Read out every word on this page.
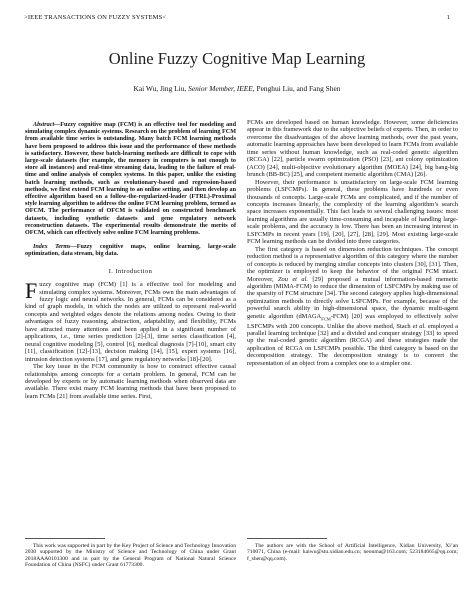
>IEEE TRANSACTIONS ON FUZZY SYSTEMS<	1
Online Fuzzy Cognitive Map Learning
Kai Wu, Jing Liu, Senior Member, IEEE, Penghui Liu, and Fang Shen

Abstract—Fuzzy cognitive map (FCM) is an effective tool for modeling and simulating complex dynamic systems. Research on the problem of learning FCM from available time series is outstanding. Many batch FCM learning methods have been proposed to address this issue and the performance of these methods is satisfactory. However, these batch-learning methods are difficult to cope with large-scale datasets (for example, the memory in computers is not enough to store all instances) and real-time streaming data, leading to the failure of real-time and online analysis of complex systems. In this paper, unlike the existing batch learning methods, such as evolutionary-based and regression-based methods, we first extend FCM learning to an online setting, and then develop an effective algorithm based on a follow-the-regularized-leader (FTRL)-Proximal style learning algorithm to address the online FCM learning problem, termed as OFCM. The performance of OFCM is validated on constructed benchmark datasets, including synthetic datasets and gene regulatory network reconstruction datasets. The experimental results demonstrate the merits of OFCM, which can effectively solve online FCM learning problems.

Index Terms—Fuzzy cognitive maps, online learning, large-scale optimization, data stream, big data.

I. Introduction

Fuzzy cognitive map (FCM) [1] is a effective tool for modeling and simulating complex systems. Moreover, FCMs own the main advantages of fuzzy logic and neural networks. In general, FCMs can be considered as a kind of graph models, in which the nodes are utilized to represent real-world concepts and weighted edges denote the relations among nodes. Owing to their advantages of fuzzy reasoning, abstraction, adaptability, and flexibility, FCMs have attracted many attentions and been applied in a significant number of applications, i.e., time series prediction [2]-[3], time series classification [4], neural cognitive modeling [5], control [6], medical diagnosis [7]-[10], smart city [11], classification [12]-[13], decision making [14], [15], expert systems [16], intrusion detection systems [17], and gene regulatory networks [18]-[20].

The key issue in the FCM community is how to construct effective causal relationships among concepts for a certain problem. In general, FCM can be developed by experts or by automatic learning methods when observed data are available. There exist many FCM learning methods that have been proposed to learn FCMs [21] from available time series. First,

FCMs are developed based on human knowledge. However, some deficiencies appear in this framework due to the subjective beliefs of experts. Then, in order to overcome the disadvantages of the above learning methods, over the past years, automatic learning approaches have been developed to learn FCMs from available time series without human knowledge, such as real-coded genetic algorithm (RCGA) [22], particle swarm optimization (PSO) [23], ant colony optimization (ACO) [24], multi-objective evolutionary algorithm (MOEA) [24], big bang-big brunch (BB-BC) [25], and competent memetic algorithm (CMA) [26].

However, their performance is unsatisfactory on large-scale FCM learning problems (LSFCMPs). In general, these problems have hundreds or even thousands of concepts. Large-scale FCMs are complicated, and if the number of concepts increases linearly, the complexity of the learning algorithm’s search space increases exponentially. This fact leads to several challenging issues: most learning algorithms are usually time-consuming and incapable of handling large-scale problems, and the accuracy is low. There has been an increasing interest in LSFCMPs in recent years [19], [20], [27], [28], [29]. Most existing large-scale FCM learning methods can be divided into three categories.

The first category is based on dimension reduction techniques. The concept reduction method is a representative algorithm of this category where the number of concepts is reduced by merging similar concepts into clusters [30], [31]. Then, the optimizer is employed to keep the behavior of the original FCM intact. Moreover, Zou et al. [29] proposed a mutual information-based memetic algorithm (MIMA-FCM) to reduce the dimension of LSFCMPs by making use of the sparsity of FCM structure [34]. The second category applies high-dimensional optimization methods to directly solve LSFCMPs. For example, because of the powerful search ability in high-dimensional space, the dynamic multi-agent genetic algorithm (dMAGA$_{FCM}$-FCM) [20] was employed to effectively solve LSFCMPs with 200 concepts. Unlike the above method, Stach et al. employed a parallel learning technique [32] and a divided and conquer strategy [33] to speed up the real-coded genetic algorithm (RCGA) and these strategies made the application of RCGA on LSFCMPs possible. The third category is based on the decomposition strategy. The decomposition strategy is to convert the representation of an object from a complex one to a simpler one.

This work was supported in part by the Key Project of Science and Technology Innovation 2030 supported by the Ministry of Science and Technology of China under Grant 2018AAA0101300 and in part by the General Program of National Natural Science Foundation of China (NSFC) under Grant 61773300.

The authors are with the School of Artificial Intelligence, Xidian University, Xi’an 710071, China (e-mail: kaiwu@stu.xidian.edu.cn; neouma@163.com; 523184665@qq.com; f_shen@qq.com).
